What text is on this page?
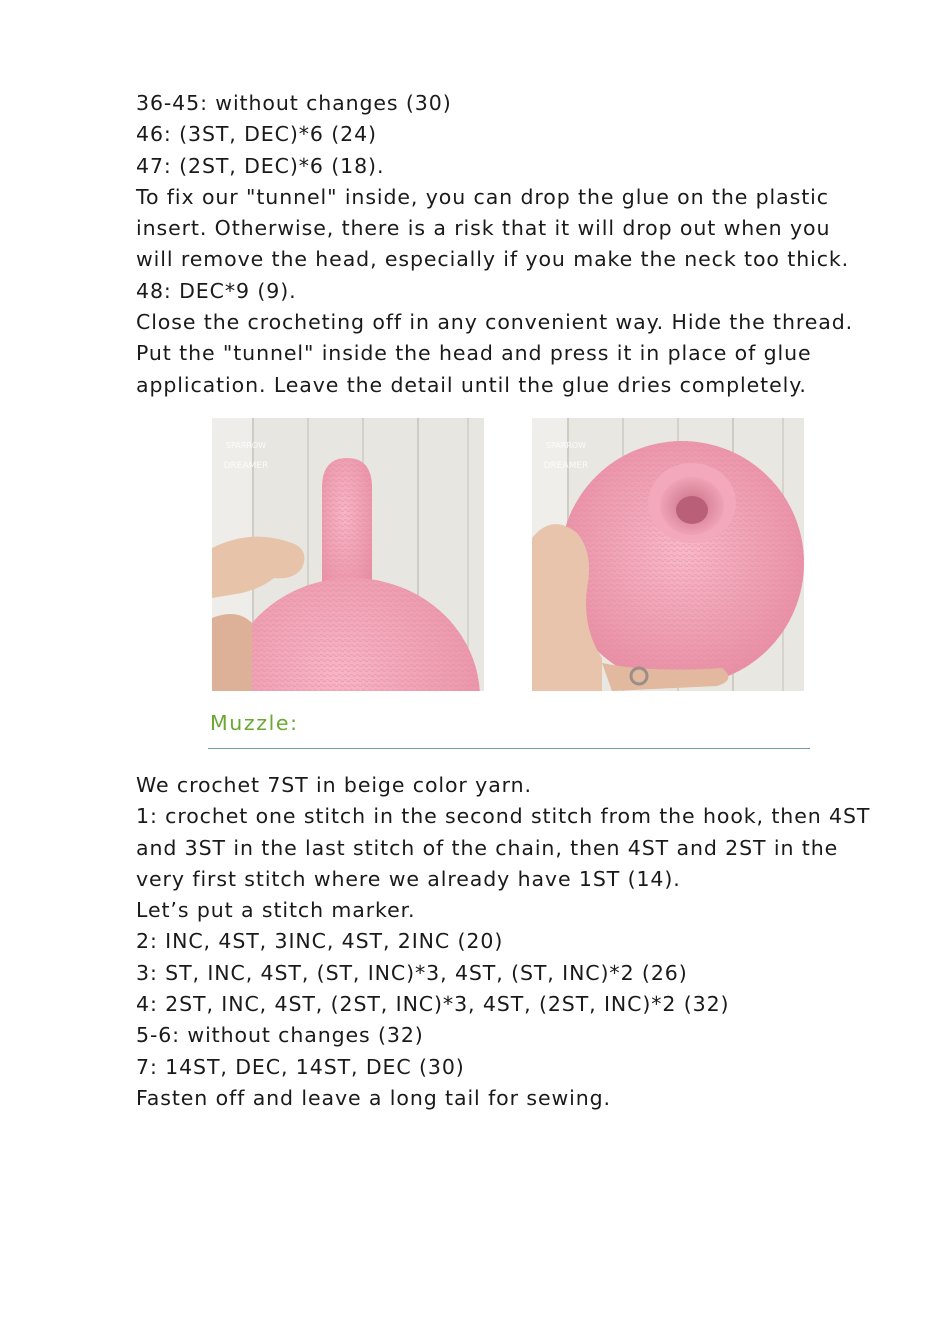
36-45: without changes (30)
46: (3ST, DEC)*6 (24)
47: (2ST, DEC)*6 (18).
To fix our "tunnel" inside, you can drop the glue on the plastic
insert. Otherwise, there is a risk that it will drop out when you
will remove the head, especially if you make the neck too thick.
48: DEC*9 (9).
Close the crocheting off in any convenient way. Hide the thread.
Put the "tunnel" inside the head and press it in place of glue
application. Leave the detail until the glue dries completely.
SPARROW
DREAMER
SPARROW
DREAMER
Muzzle:
We crochet 7ST in beige color yarn.
1: crochet one stitch in the second stitch from the hook, then 4ST
and 3ST in the last stitch of the chain, then 4ST and 2ST in the
very first stitch where we already have 1ST (14).
Let’s put a stitch marker.
2: INC, 4ST, 3INC, 4ST, 2INC (20)
3: ST, INC, 4ST, (ST, INC)*3, 4ST, (ST, INC)*2 (26)
4: 2ST, INC, 4ST, (2ST, INC)*3, 4ST, (2ST, INC)*2 (32)
5-6: without changes (32)
7: 14ST, DEC, 14ST, DEC (30)
Fasten off and leave a long tail for sewing.
